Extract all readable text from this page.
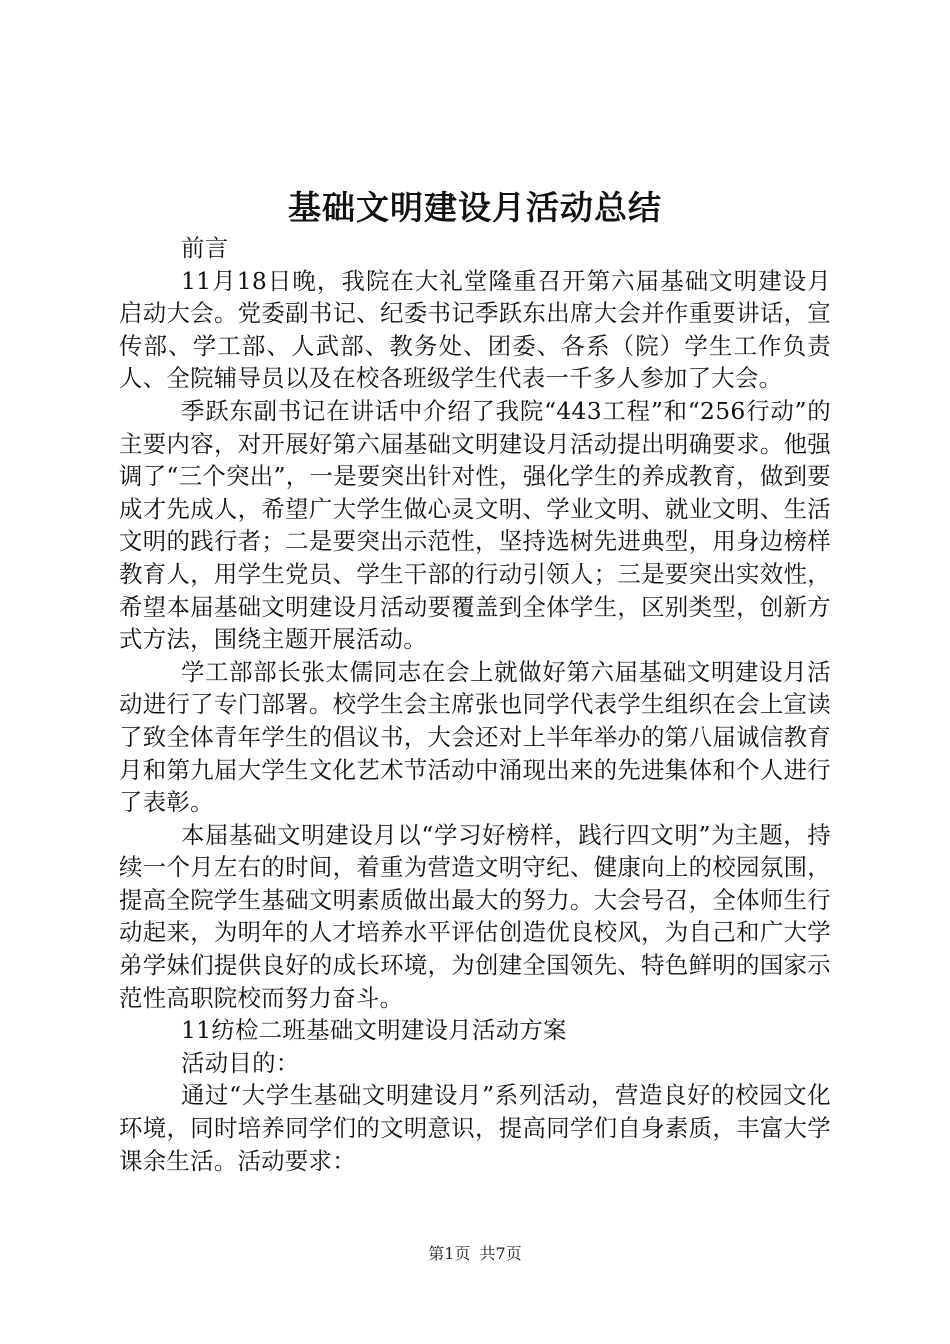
基础文明建设月活动总结

前言

11月18日晚，我院在大礼堂隆重召开第六届基础文明建设月启动大会。党委副书记、纪委书记季跃东出席大会并作重要讲话，宣传部、学工部、人武部、教务处、团委、各系（院）学生工作负责人、全院辅导员以及在校各班级学生代表一千多人参加了大会。

季跃东副书记在讲话中介绍了我院“443工程”和“256行动”的主要内容，对开展好第六届基础文明建设月活动提出明确要求。他强调了“三个突出”，一是要突出针对性，强化学生的养成教育，做到要成才先成人，希望广大学生做心灵文明、学业文明、就业文明、生活文明的践行者；二是要突出示范性，坚持选树先进典型，用身边榜样教育人，用学生党员、学生干部的行动引领人；三是要突出实效性，希望本届基础文明建设月活动要覆盖到全体学生，区别类型，创新方式方法，围绕主题开展活动。

学工部部长张太儒同志在会上就做好第六届基础文明建设月活动进行了专门部署。校学生会主席张也同学代表学生组织在会上宣读了致全体青年学生的倡议书，大会还对上半年举办的第八届诚信教育月和第九届大学生文化艺术节活动中涌现出来的先进集体和个人进行了表彰。

本届基础文明建设月以“学习好榜样，践行四文明”为主题，持续一个月左右的时间，着重为营造文明守纪、健康向上的校园氛围，提高全院学生基础文明素质做出最大的努力。大会号召，全体师生行动起来，为明年的人才培养水平评估创造优良校风，为自己和广大学弟学妹们提供良好的成长环境，为创建全国领先、特色鲜明的国家示范性高职院校而努力奋斗。

11纺检二班基础文明建设月活动方案

活动目的：

通过“大学生基础文明建设月”系列活动，营造良好的校园文化环境，同时培养同学们的文明意识，提高同学们自身素质，丰富大学课余生活。活动要求：

第1页 共7页
